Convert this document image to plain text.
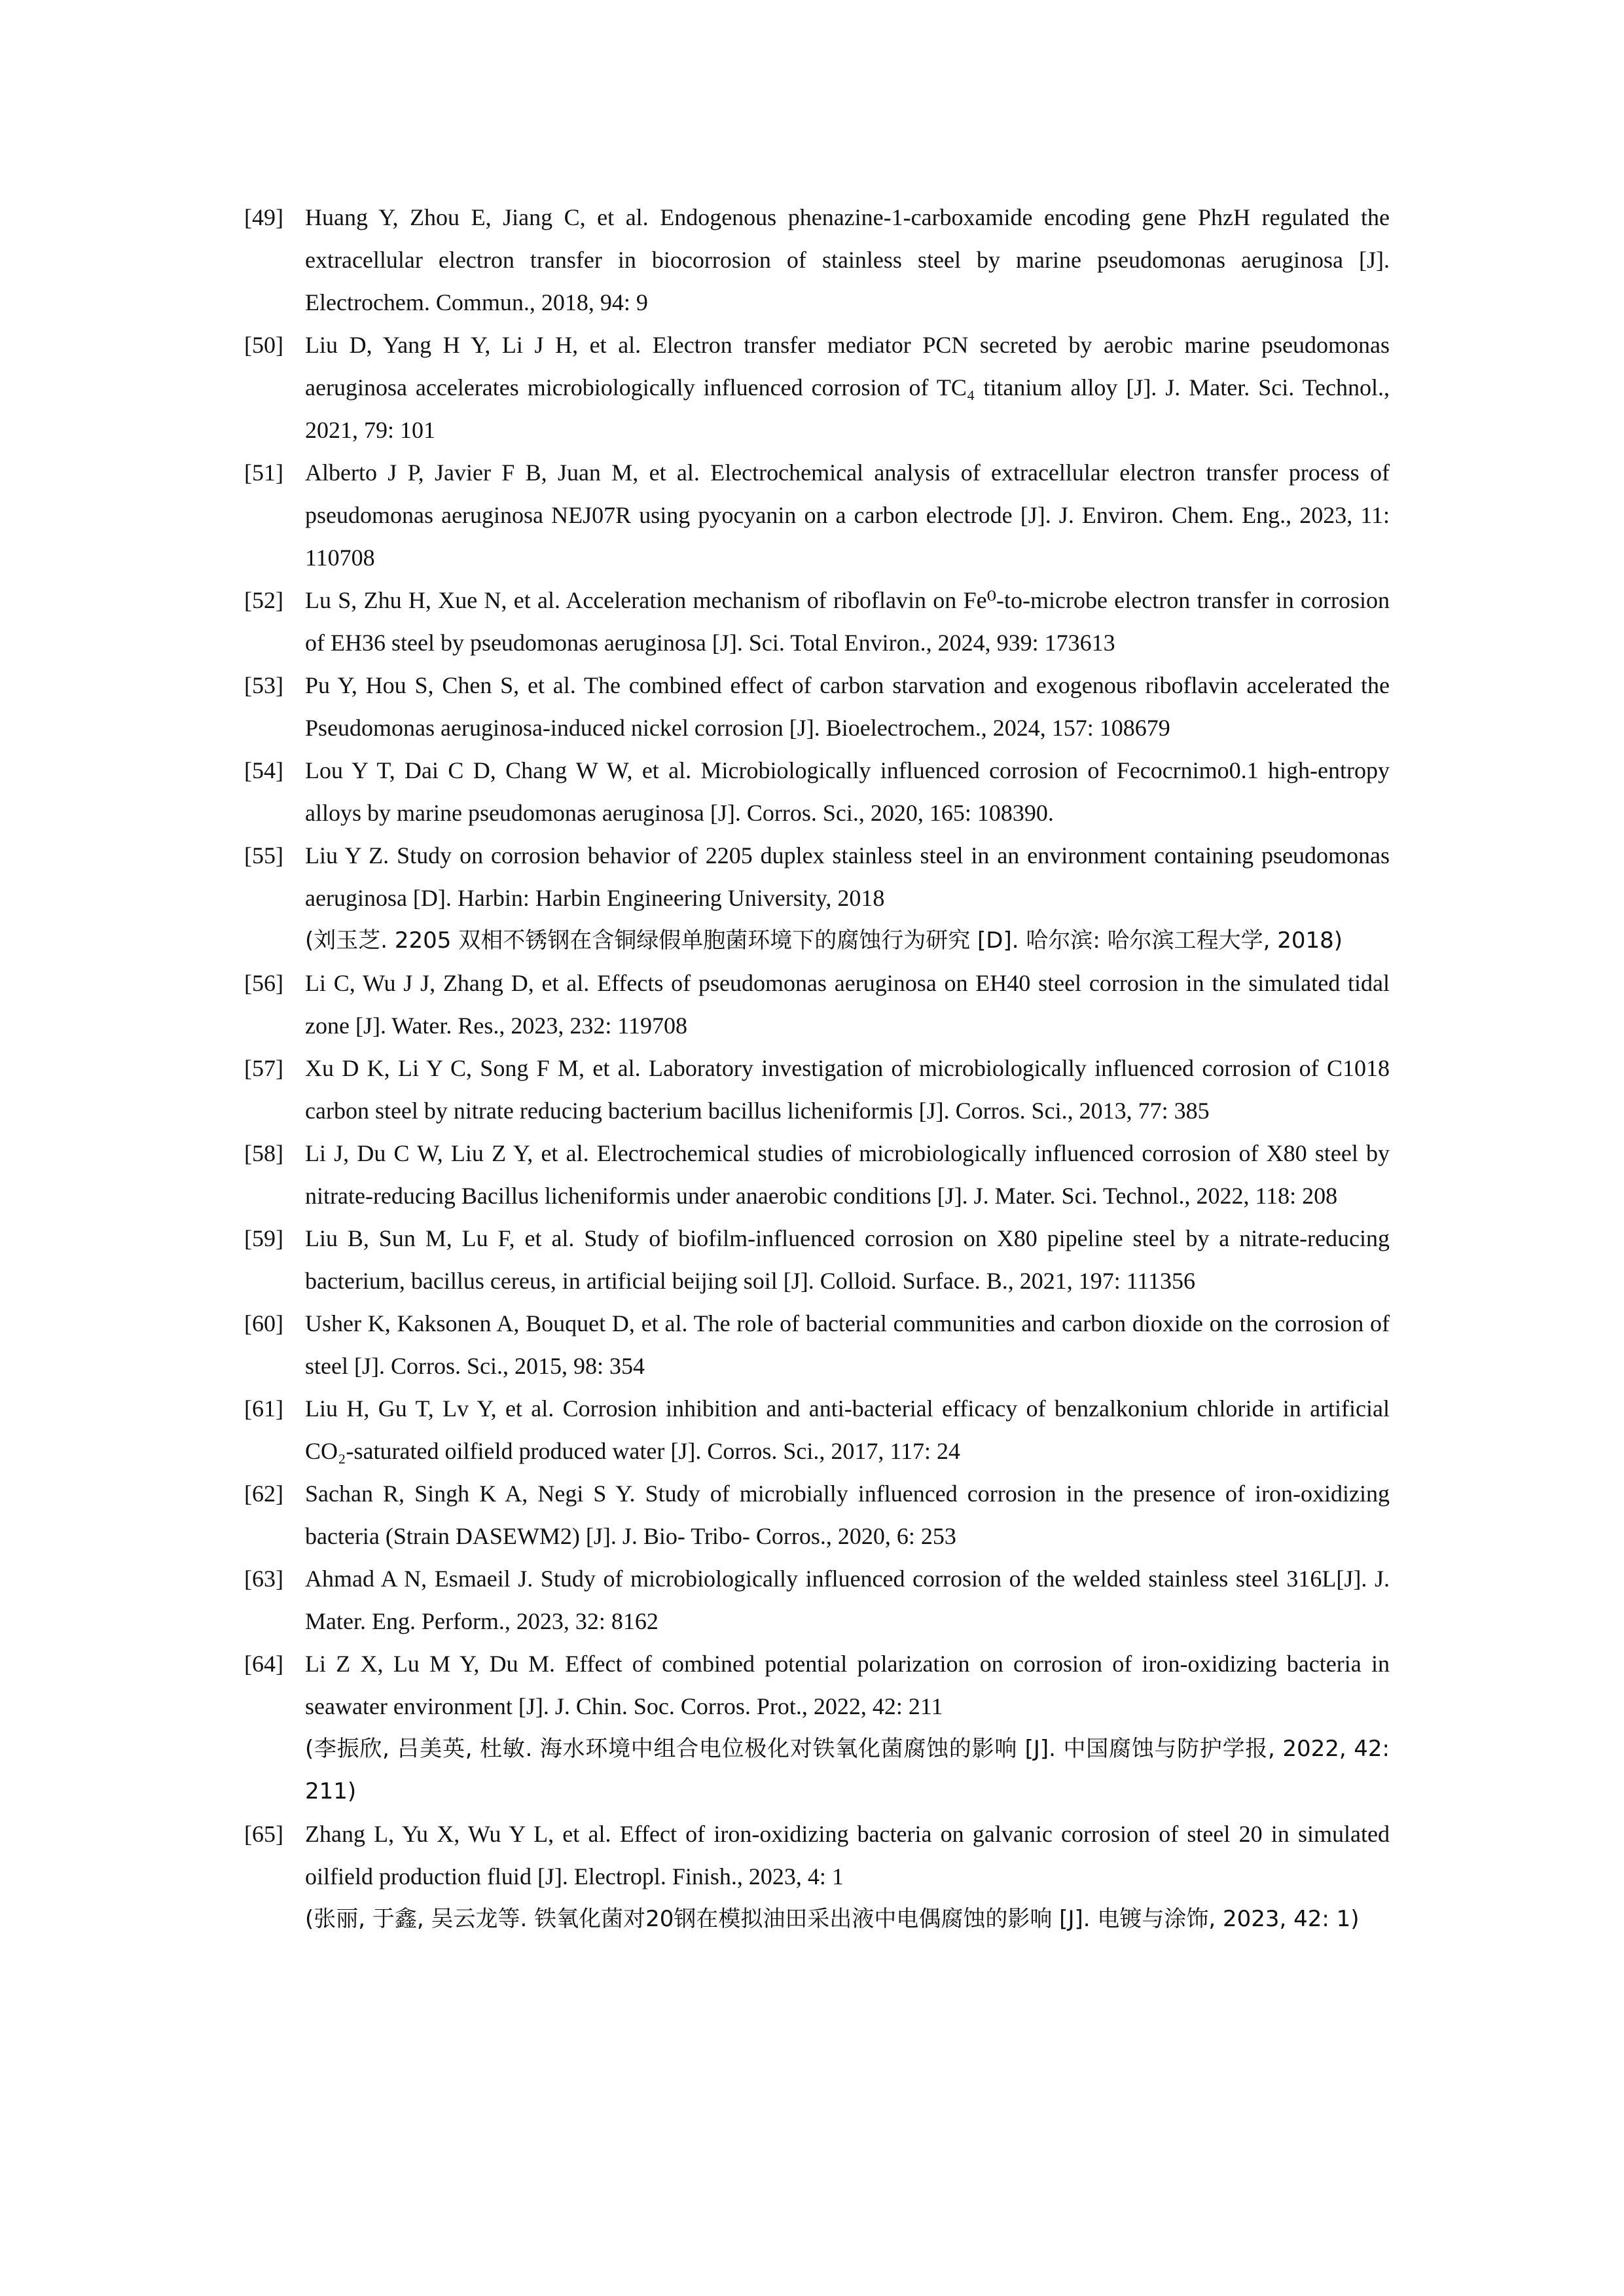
[49] Huang Y, Zhou E, Jiang C, et al. Endogenous phenazine-1-carboxamide encoding gene PhzH regulated the extracellular electron transfer in biocorrosion of stainless steel by marine pseudomonas aeruginosa [J]. Electrochem. Commun., 2018, 94: 9
[50] Liu D, Yang H Y, Li J H, et al. Electron transfer mediator PCN secreted by aerobic marine pseudomonas aeruginosa accelerates microbiologically influenced corrosion of TC₄ titanium alloy [J]. J. Mater. Sci. Technol., 2021, 79: 101
[51] Alberto J P, Javier F B, Juan M, et al. Electrochemical analysis of extracellular electron transfer process of pseudomonas aeruginosa NEJ07R using pyocyanin on a carbon electrode [J]. J. Environ. Chem. Eng., 2023, 11: 110708
[52] Lu S, Zhu H, Xue N, et al. Acceleration mechanism of riboflavin on Fe⁰-to-microbe electron transfer in corrosion of EH36 steel by pseudomonas aeruginosa [J]. Sci. Total Environ., 2024, 939: 173613
[53] Pu Y, Hou S, Chen S, et al. The combined effect of carbon starvation and exogenous riboflavin accelerated the Pseudomonas aeruginosa-induced nickel corrosion [J]. Bioelectrochem., 2024, 157: 108679
[54] Lou Y T, Dai C D, Chang W W, et al. Microbiologically influenced corrosion of Fecocrnimo0.1 high-entropy alloys by marine pseudomonas aeruginosa [J]. Corros. Sci., 2020, 165: 108390.
[55] Liu Y Z. Study on corrosion behavior of 2205 duplex stainless steel in an environment containing pseudomonas aeruginosa [D]. Harbin: Harbin Engineering University, 2018
(刘玉芝. 2205 双相不锈钢在含铜绿假单胞菌环境下的腐蚀行为研究 [D]. 哈尔滨: 哈尔滨工程大学, 2018)
[56] Li C, Wu J J, Zhang D, et al. Effects of pseudomonas aeruginosa on EH40 steel corrosion in the simulated tidal zone [J]. Water. Res., 2023, 232: 119708
[57] Xu D K, Li Y C, Song F M, et al. Laboratory investigation of microbiologically influenced corrosion of C1018 carbon steel by nitrate reducing bacterium bacillus licheniformis [J]. Corros. Sci., 2013, 77: 385
[58] Li J, Du C W, Liu Z Y, et al. Electrochemical studies of microbiologically influenced corrosion of X80 steel by nitrate-reducing Bacillus licheniformis under anaerobic conditions [J]. J. Mater. Sci. Technol., 2022, 118: 208
[59] Liu B, Sun M, Lu F, et al. Study of biofilm-influenced corrosion on X80 pipeline steel by a nitrate-reducing bacterium, bacillus cereus, in artificial beijing soil [J]. Colloid. Surface. B., 2021, 197: 111356
[60] Usher K, Kaksonen A, Bouquet D, et al. The role of bacterial communities and carbon dioxide on the corrosion of steel [J]. Corros. Sci., 2015, 98: 354
[61] Liu H, Gu T, Lv Y, et al. Corrosion inhibition and anti-bacterial efficacy of benzalkonium chloride in artificial CO₂-saturated oilfield produced water [J]. Corros. Sci., 2017, 117: 24
[62] Sachan R, Singh K A, Negi S Y. Study of microbially influenced corrosion in the presence of iron-oxidizing bacteria (Strain DASEWM2) [J]. J. Bio- Tribo- Corros., 2020, 6: 253
[63] Ahmad A N, Esmaeil J. Study of microbiologically influenced corrosion of the welded stainless steel 316L[J]. J. Mater. Eng. Perform., 2023, 32: 8162
[64] Li Z X, Lu M Y, Du M. Effect of combined potential polarization on corrosion of iron-oxidizing bacteria in seawater environment [J]. J. Chin. Soc. Corros. Prot., 2022, 42: 211
(李振欣, 吕美英, 杜敏. 海水环境中组合电位极化对铁氧化菌腐蚀的影响 [J]. 中国腐蚀与防护学报, 2022, 42: 211)
[65] Zhang L, Yu X, Wu Y L, et al. Effect of iron-oxidizing bacteria on galvanic corrosion of steel 20 in simulated oilfield production fluid [J]. Electropl. Finish., 2023, 4: 1
(张丽, 于鑫, 吴云龙等. 铁氧化菌对20钢在模拟油田采出液中电偶腐蚀的影响 [J]. 电镀与涂饰, 2023, 42: 1)
